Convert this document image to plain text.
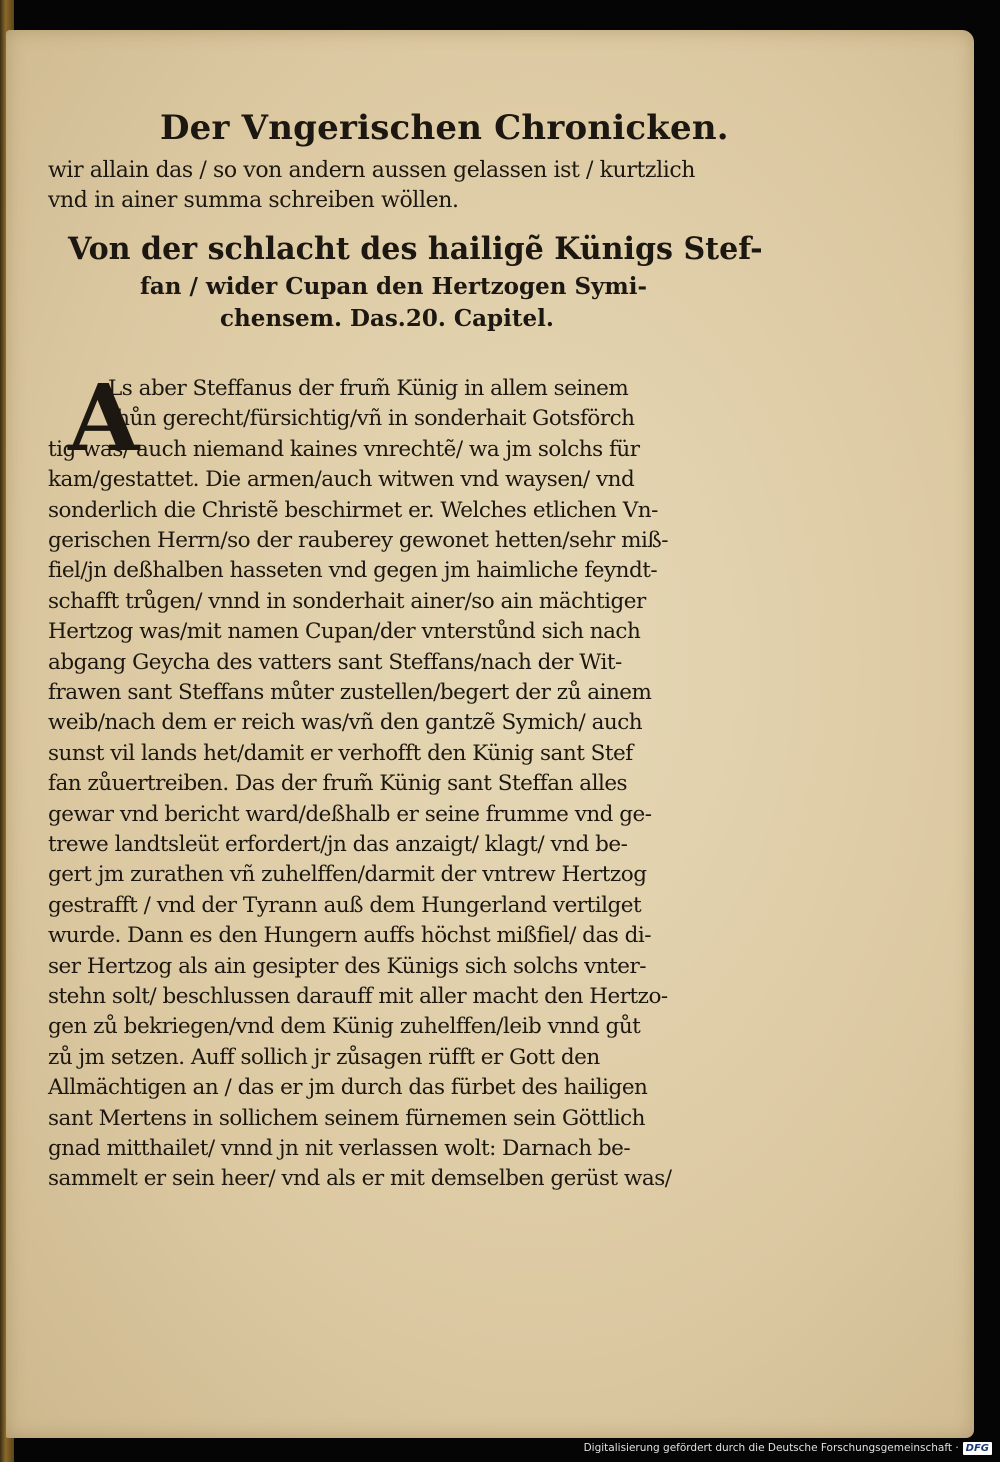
Der Vngerischen Chronicken.
wir allain das / so von andern aussen gelassen ist / kurtzlich
vnd in ainer summa schreiben wöllen.
Von der schlacht des hailigẽ Künigs Stef-
fan / wider Cupan den Hertzogen Symi-
chensem. Das.20. Capitel.
A
Ls aber Steffanus der frum̃ Künig in allem seinem
thůn gerecht/fürsichtig/vñ in sonderhait Gotsförch
tig was/ auch niemand kaines vnrechtẽ/ wa jm solchs für
kam/gestattet. Die armen/auch witwen vnd waysen/ vnd
sonderlich die Christẽ beschirmet er. Welches etlichen Vn-
gerischen Herrn/so der rauberey gewonet hetten/sehr miß-
fiel/jn deßhalben hasseten vnd gegen jm haimliche feyndt-
schafft trůgen/ vnnd in sonderhait ainer/so ain mächtiger
Hertzog was/mit namen Cupan/der vnterstůnd sich nach
abgang Geycha des vatters sant Steffans/nach der Wit-
frawen sant Steffans můter zustellen/begert der zů ainem
weib/nach dem er reich was/vñ den gantzẽ Symich/ auch
sunst vil lands het/damit er verhofft den Künig sant Stef
fan zůuertreiben. Das der frum̃ Künig sant Steffan alles
gewar vnd bericht ward/deßhalb er seine frumme vnd ge-
trewe landtsleüt erfordert/jn das anzaigt/ klagt/ vnd be-
gert jm zurathen vñ zuhelffen/darmit der vntrew Hertzog
gestrafft / vnd der Tyrann auß dem Hungerland vertilget
wurde. Dann es den Hungern auffs höchst mißfiel/ das di-
ser Hertzog als ain gesipter des Künigs sich solchs vnter-
stehn solt/ beschlussen darauff mit aller macht den Hertzo-
gen zů bekriegen/vnd dem Künig zuhelffen/leib vnnd gůt
zů jm setzen. Auff sollich jr zůsagen rüfft er Gott den
Allmächtigen an / das er jm durch das fürbet des hailigen
sant Mertens in sollichem seinem fürnemen sein Göttlich
gnad mitthailet/ vnnd jn nit verlassen wolt: Darnach be-
sammelt er sein heer/ vnd als er mit demselben gerüst was/
Digitalisierung gefördert durch die Deutsche Forschungsgemeinschaft · DFG
